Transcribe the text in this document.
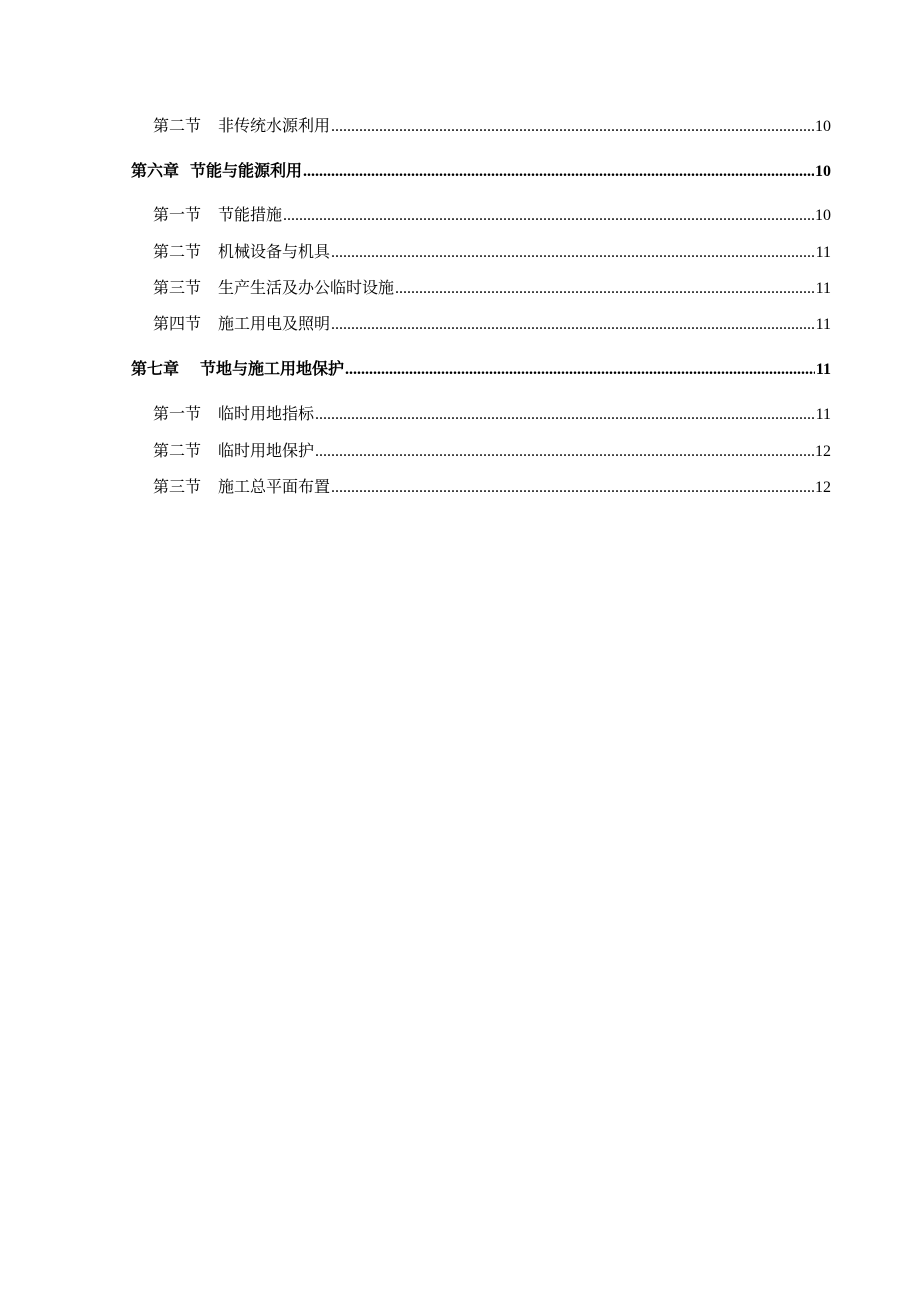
第二节 非传统水源利用 .....	10
第六章 节能与能源利用 .....	10
第一节 节能措施 .....	10
第二节 机械设备与机具 .....	11
第三节 生产生活及办公临时设施 .....	11
第四节 施工用电及照明 .....	11
第七章 节地与施工用地保护 .....	11
第一节 临时用地指标 .....	11
第二节 临时用地保护 .....	12
第三节 施工总平面布置 .....	12
